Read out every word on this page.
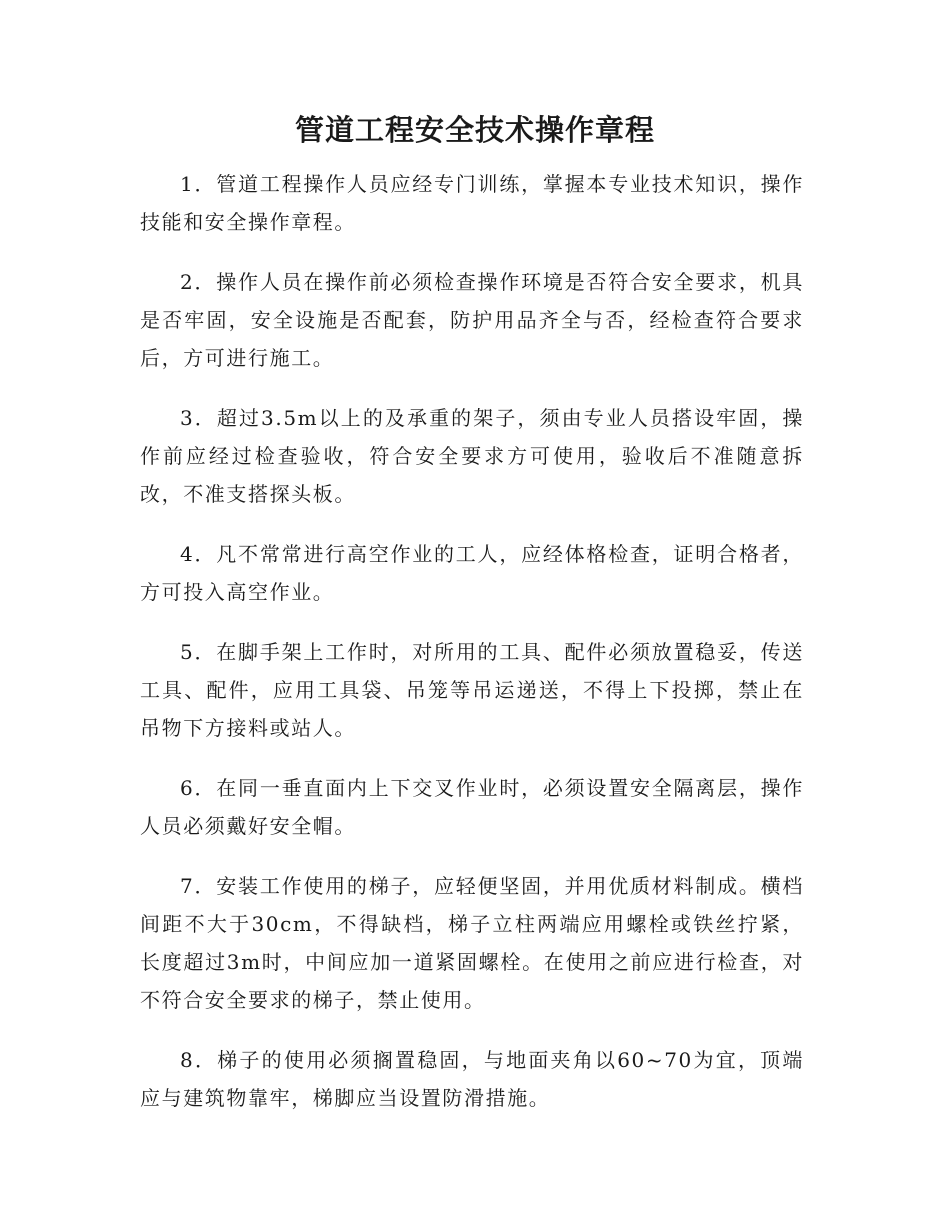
管道工程安全技术操作章程

1．管道工程操作人员应经专门训练，掌握本专业技术知识，操作技能和安全操作章程。

2．操作人员在操作前必须检查操作环境是否符合安全要求，机具是否牢固，安全设施是否配套，防护用品齐全与否，经检查符合要求后，方可进行施工。

3．超过3.5m以上的及承重的架子，须由专业人员搭设牢固，操作前应经过检查验收，符合安全要求方可使用，验收后不准随意拆改，不准支搭探头板。

4．凡不常常进行高空作业的工人，应经体格检查，证明合格者，方可投入高空作业。

5．在脚手架上工作时，对所用的工具、配件必须放置稳妥，传送工具、配件，应用工具袋、吊笼等吊运递送，不得上下投掷，禁止在吊物下方接料或站人。

6．在同一垂直面内上下交叉作业时，必须设置安全隔离层，操作人员必须戴好安全帽。

7．安装工作使用的梯子，应轻便坚固，并用优质材料制成。横档间距不大于30cm，不得缺档，梯子立柱两端应用螺栓或铁丝拧紧，长度超过3m时，中间应加一道紧固螺栓。在使用之前应进行检查，对不符合安全要求的梯子，禁止使用。

8．梯子的使用必须搁置稳固，与地面夹角以60~70为宜，顶端应与建筑物靠牢，梯脚应当设置防滑措施。
